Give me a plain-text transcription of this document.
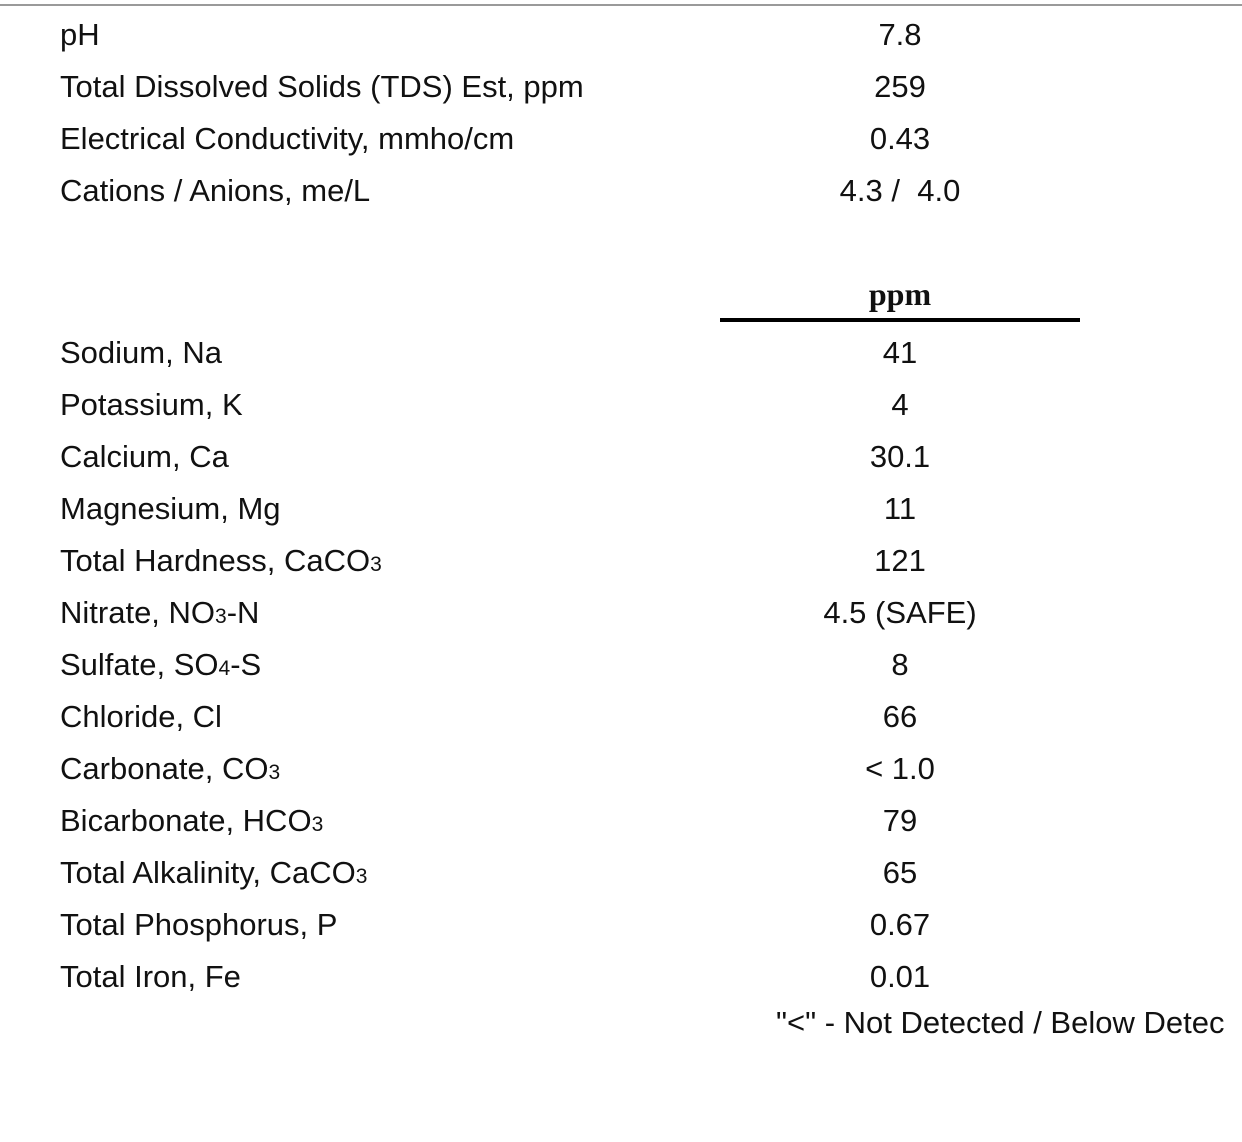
pH	7.8
Total Dissolved Solids (TDS) Est, ppm	259
Electrical Conductivity, mmho/cm	0.43
Cations / Anions, me/L	4.3 /  4.0
ppm
Sodium, Na	41
Potassium, K	4
Calcium, Ca	30.1
Magnesium, Mg	11
Total Hardness, CaCO3	121
Nitrate, NO3-N	4.5 (SAFE)
Sulfate, SO4-S	8
Chloride, Cl	66
Carbonate, CO3	< 1.0
Bicarbonate, HCO3	79
Total Alkalinity, CaCO3	65
Total Phosphorus, P	0.67
Total Iron, Fe	0.01
"<" - Not Detected / Below Detec
